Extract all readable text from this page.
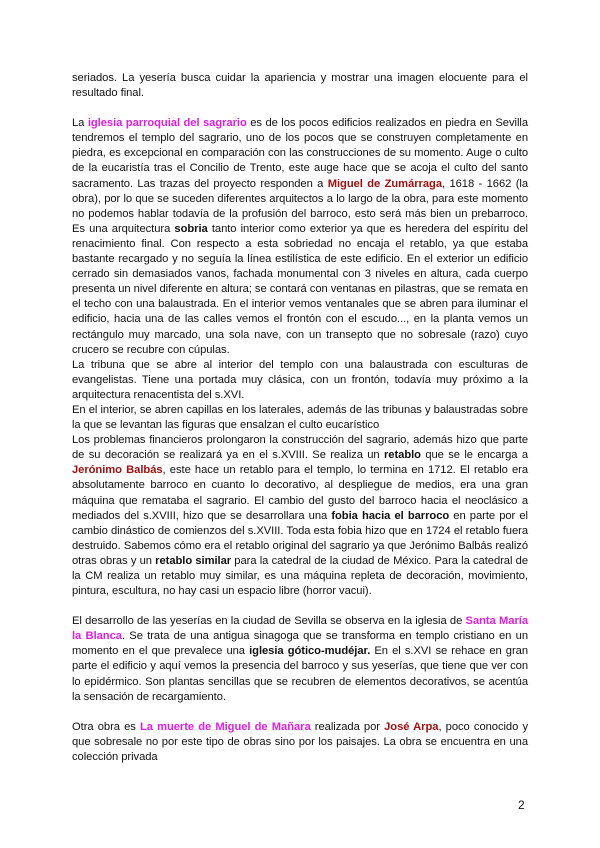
seriados. La yesería busca cuidar la apariencia y mostrar una imagen elocuente para el resultado final.

La iglesia parroquial del sagrario es de los pocos edificios realizados en piedra en Sevilla tendremos el templo del sagrario, uno de los pocos que se construyen completamente en piedra, es excepcional en comparación con las construcciones de su momento. Auge o culto de la eucaristía tras el Concilio de Trento, este auge hace que se acoja el culto del santo sacramento. Las trazas del proyecto responden a Miguel de Zumárraga, 1618 - 1662 (la obra), por lo que se suceden diferentes arquitectos a lo largo de la obra, para este momento no podemos hablar todavía de la profusión del barroco, esto será más bien un prebarroco. Es una arquitectura sobria tanto interior como exterior ya que es heredera del espíritu del renacimiento final. Con respecto a esta sobriedad no encaja el retablo, ya que estaba bastante recargado y no seguía la línea estilística de este edificio. En el exterior un edificio cerrado sin demasiados vanos, fachada monumental con 3 niveles en altura, cada cuerpo presenta un nivel diferente en altura; se contará con ventanas en pilastras, que se remata en el techo con una balaustrada. En el interior vemos ventanales que se abren para iluminar el edificio, hacia una de las calles vemos el frontón con el escudo..., en la planta vemos un rectángulo muy marcado, una sola nave, con un transepto que no sobresale (razo) cuyo crucero se recubre con cúpulas.

La tribuna que se abre al interior del templo con una balaustrada con esculturas de evangelistas. Tiene una portada muy clásica, con un frontón, todavía muy próximo a la arquitectura renacentista del s.XVI.

En el interior, se abren capillas en los laterales, además de las tribunas y balaustradas sobre la que se levantan las figuras que ensalzan el culto eucarístico

Los problemas financieros prolongaron la construcción del sagrario, además hizo que parte de su decoración se realizará ya en el s.XVIII. Se realiza un retablo que se le encarga a Jerónimo Balbás, este hace un retablo para el templo, lo termina en 1712. El retablo era absolutamente barroco en cuanto lo decorativo, al despliegue de medios, era una gran máquina que remataba el sagrario. El cambio del gusto del barroco hacia el neoclásico a mediados del s.XVIII, hizo que se desarrollara una fobia hacia el barroco en parte por el cambio dinástico de comienzos del s.XVIII. Toda esta fobia hizo que en 1724 el retablo fuera destruido. Sabemos cómo era el retablo original del sagrario ya que Jerónimo Balbás realizó otras obras y un retablo similar para la catedral de la ciudad de México. Para la catedral de la CM realiza un retablo muy similar, es una máquina repleta de decoración, movimiento, pintura, escultura, no hay casi un espacio libre (horror vacui).

El desarrollo de las yeserías en la ciudad de Sevilla se observa en la iglesia de Santa María la Blanca. Se trata de una antigua sinagoga que se transforma en templo cristiano en un momento en el que prevalece una iglesia gótico-mudéjar. En el s.XVI se rehace en gran parte el edificio y aquí vemos la presencia del barroco y sus yeserías, que tiene que ver con lo epidérmico. Son plantas sencillas que se recubren de elementos decorativos, se acentúa la sensación de recargamiento.

Otra obra es La muerte de Miguel de Mañara realizada por José Arpa, poco conocido y que sobresale no por este tipo de obras sino por los paisajes. La obra se encuentra en una colección privada

2
